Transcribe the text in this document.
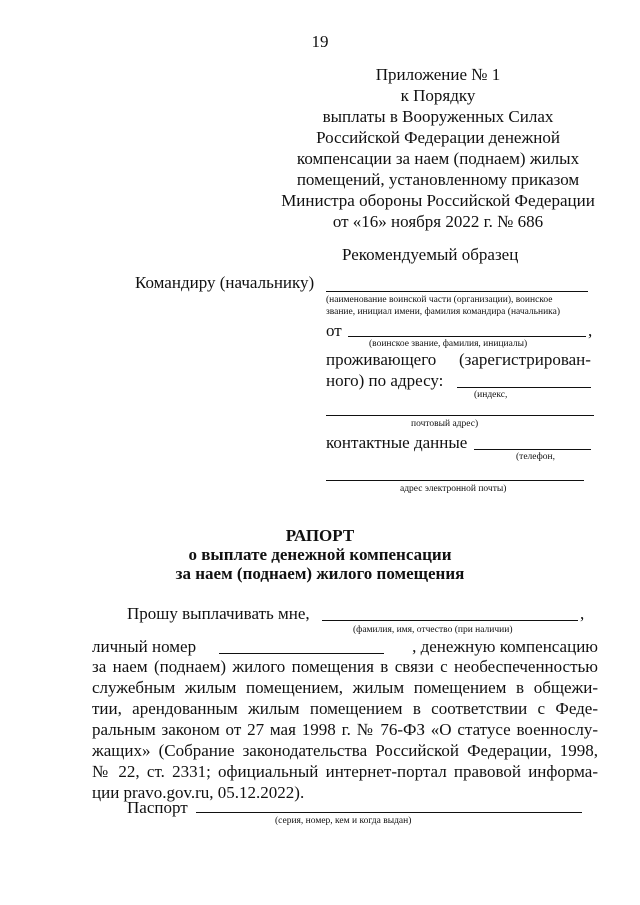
19
Приложение № 1
к Порядку
выплаты в Вооруженных Силах
Российской Федерации денежной
компенсации за наем (поднаем) жилых
помещений, установленному приказом
Министра обороны Российской Федерации
от «16» ноября 2022 г. № 686
Рекомендуемый образец
Командиру (начальнику)
(наименование воинской части (организации), воинское
звание, инициал имени, фамилия командира (начальника)
от	,
(воинское звание, фамилия, инициалы)
проживающего (зарегистрирован-
ного) по адресу:
(индекс,
почтовый адрес)
контактные данные
(телефон,
адрес электронной почты)
РАПОРТ
о выплате денежной компенсации
за наем (поднаем) жилого помещения
Прошу выплачивать мне,	,
(фамилия, имя, отчество (при наличии)
личный номер	, денежную компенсацию
за наем (поднаем) жилого помещения в связи с необеспеченностью
служебным жилым помещением, жилым помещением в общежи-
тии, арендованным жилым помещением в соответствии с Феде-
ральным законом от 27 мая 1998 г. № 76-ФЗ «О статусе военнослу-
жащих» (Собрание законодательства Российской Федерации, 1998,
№ 22, ст. 2331; официальный интернет-портал правовой информа-
ции pravo.gov.ru, 05.12.2022).
Паспорт
(серия, номер, кем и когда выдан)
